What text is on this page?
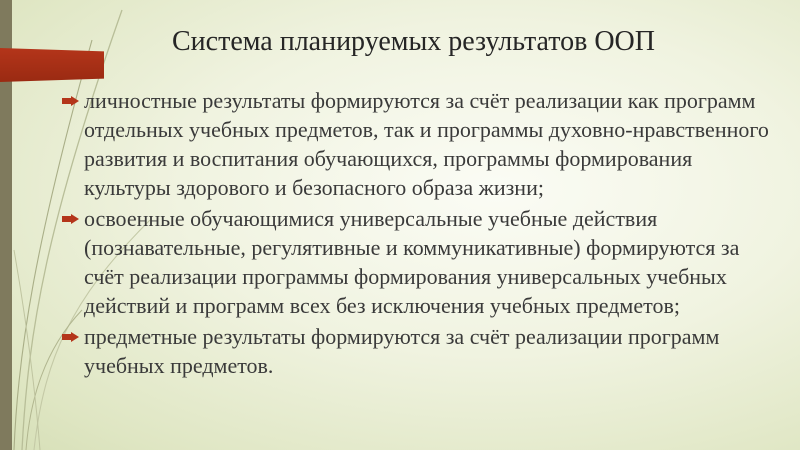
Система планируемых результатов ООП
личностные результаты формируются за счёт реализации как программ отдельных учебных предметов, так и программы духовно-нравственного развития и воспитания обучающихся, программы формирования культуры здорового и безопасного образа жизни;
освоенные обучающимися универсальные учебные действия (познавательные, регулятивные и коммуникативные) формируются за счёт реализации программы формирования универсальных учебных действий и программ всех без исключения учебных предметов;
предметные результаты формируются за счёт реализации программ учебных предметов.
